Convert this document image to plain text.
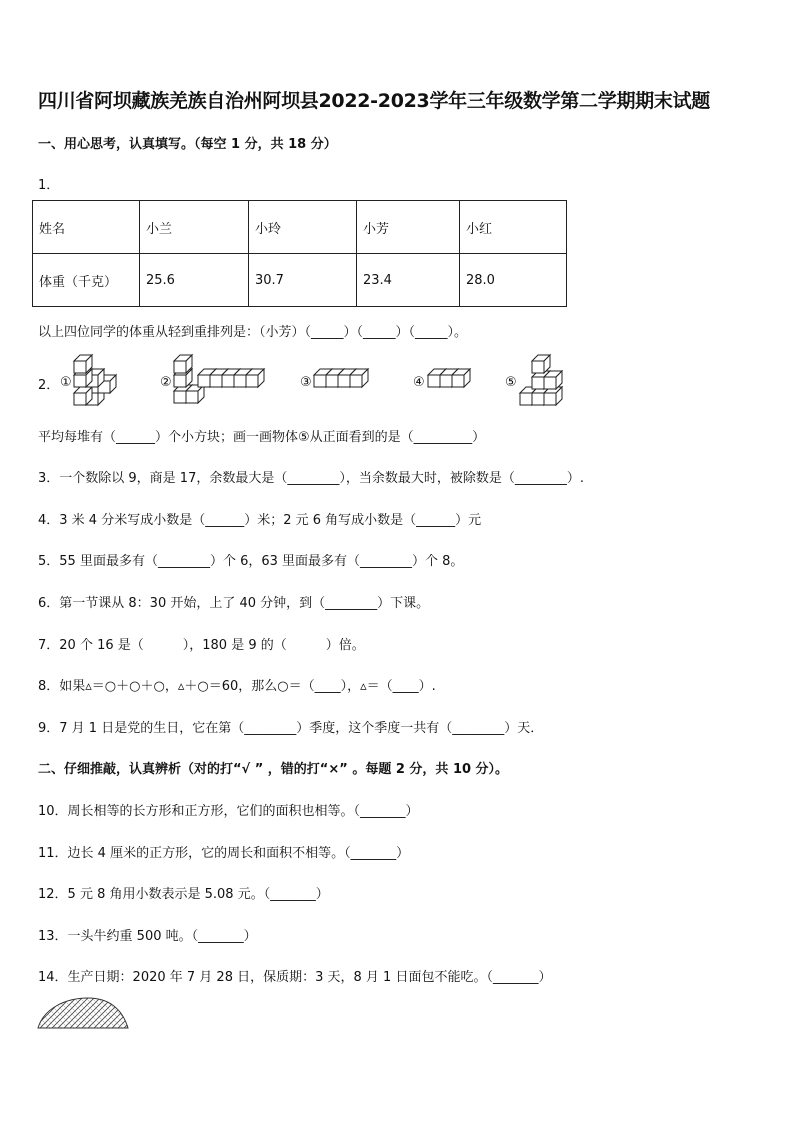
四川省阿坝藏族羌族自治州阿坝县2022-2023学年三年级数学第二学期期末试题
一、用心思考，认真填写。（每空 1 分，共 18 分）
1．
姓名	小兰	小玲	小芳	小红
体重（千克）	25.6	30.7	23.4	28.0
以上四位同学的体重从轻到重排列是：（小芳）（_____）（_____）（_____）。
2． ①	②	③	④	⑤
平均每堆有（______）个小方块；画一画物体⑤从正面看到的是（_________）
3．一个数除以 9，商是 17，余数最大是（________），当余数最大时，被除数是（________）.
4．3 米 4 分米写成小数是（______）米；2 元 6 角写成小数是（______）元
5．55 里面最多有（________）个 6，63 里面最多有（________）个 8。
6．第一节课从 8：30 开始，上了 40 分钟，到（________）下课。
7．20 个 16 是（　　　），180 是 9 的（　　　）倍。
8．如果▵＝○＋○＋○，▵＋○＝60，那么○＝（____），▵＝（____）.
9．7 月 1 日是党的生日，它在第（________）季度，这个季度一共有（________）天．
二、仔细推敲，认真辨析（对的打“√ ” ，错的打“×” 。每题 2 分，共 10 分）。
10．周长相等的长方形和正方形，它们的面积也相等。（_______）
11．边长 4 厘米的正方形，它的周长和面积不相等。（_______）
12．5 元 8 角用小数表示是 5.08 元。（_______）
13．一头牛约重 500 吨。（_______）
14．生产日期：2020 年 7 月 28 日，保质期：3 天，8 月 1 日面包不能吃。（_______）
